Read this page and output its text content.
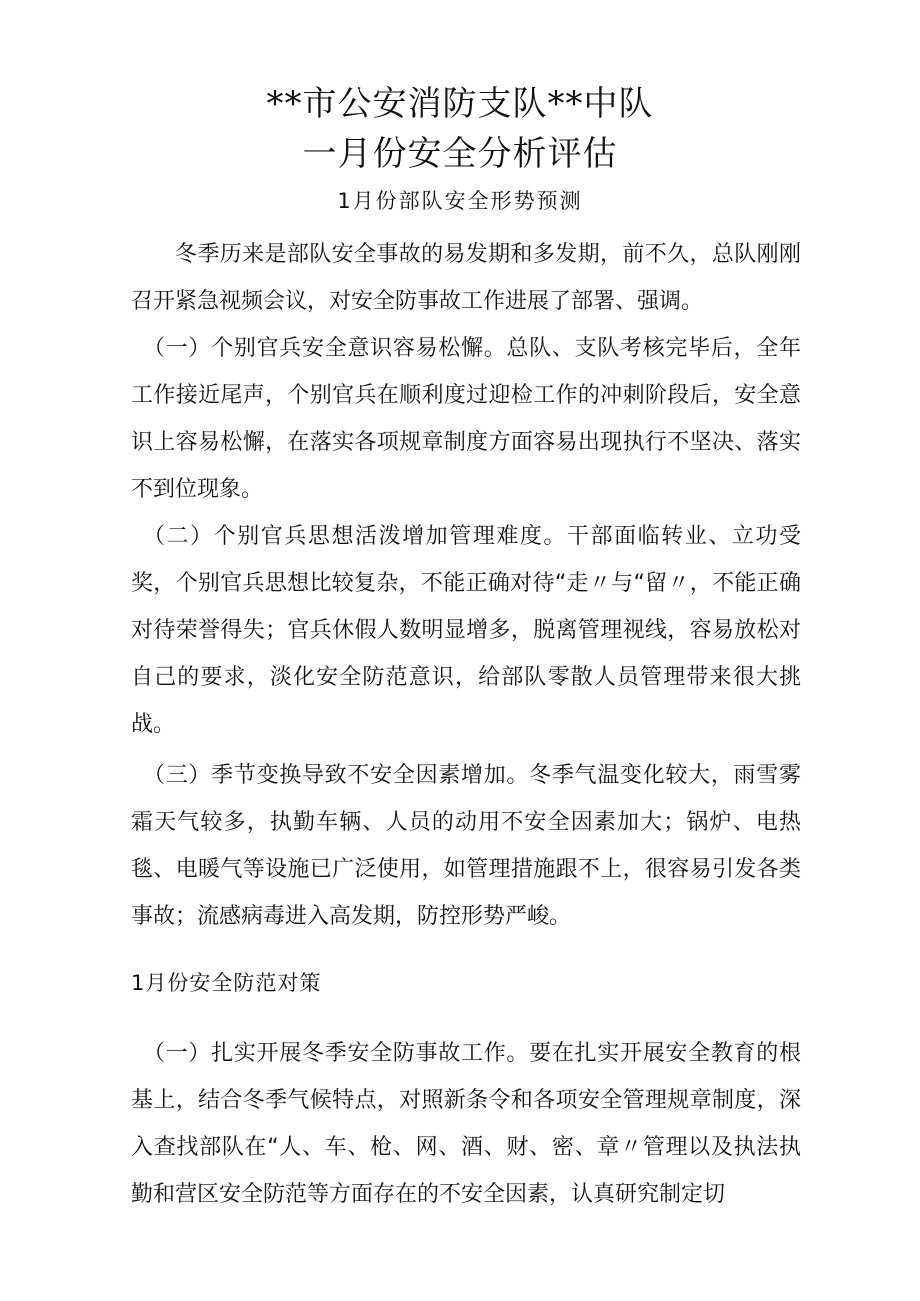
**市公安消防支队**中队
一月份安全分析评估
1月份部队安全形势预测

冬季历来是部队安全事故的易发期和多发期，前不久，总队刚刚召开紧急视频会议，对安全防事故工作进展了部署、强调。

（一）个别官兵安全意识容易松懈。总队、支队考核完毕后，全年工作接近尾声，个别官兵在顺利度过迎检工作的冲刺阶段后，安全意识上容易松懈，在落实各项规章制度方面容易出现执行不坚决、落实不到位现象。

（二）个别官兵思想活泼增加管理难度。干部面临转业、立功受奖，个别官兵思想比较复杂，不能正确对待“走〃与“留〃，不能正确对待荣誉得失；官兵休假人数明显增多，脱离管理视线，容易放松对自己的要求，淡化安全防范意识，给部队零散人员管理带来很大挑战。

（三）季节变换导致不安全因素增加。冬季气温变化较大，雨雪雾霜天气较多，执勤车辆、人员的动用不安全因素加大；锅炉、电热毯、电暖气等设施已广泛使用，如管理措施跟不上，很容易引发各类事故；流感病毒进入高发期，防控形势严峻。

1月份安全防范对策

（一）扎实开展冬季安全防事故工作。要在扎实开展安全教育的根基上，结合冬季气候特点，对照新条令和各项安全管理规章制度，深入查找部队在“人、车、枪、网、酒、财、密、章〃管理以及执法执勤和营区安全防范等方面存在的不安全因素，认真研究制定切
